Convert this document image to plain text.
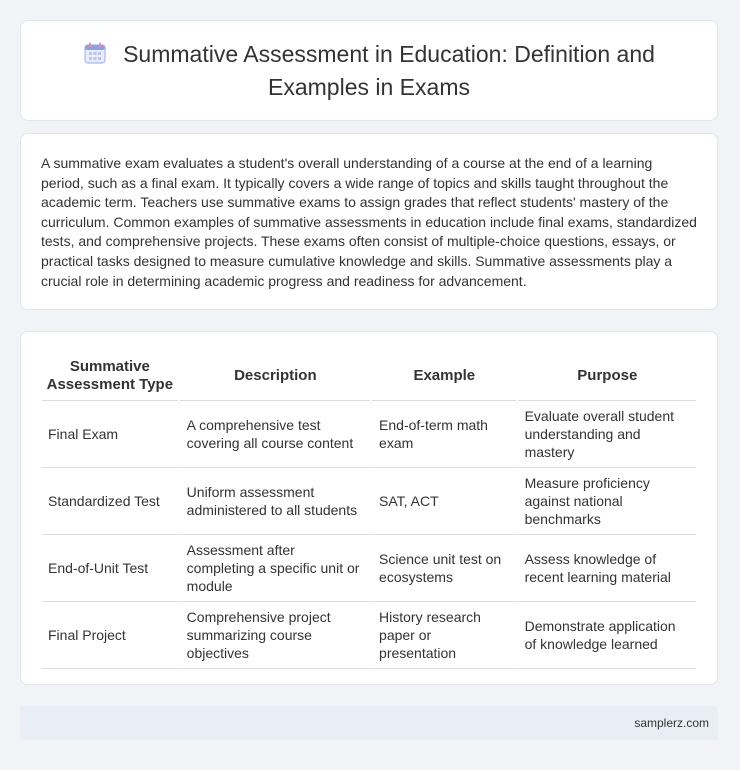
Summative Assessment in Education: Definition and Examples in Exams

A summative exam evaluates a student's overall understanding of a course at the end of a learning period, such as a final exam. It typically covers a wide range of topics and skills taught throughout the academic term. Teachers use summative exams to assign grades that reflect students' mastery of the curriculum. Common examples of summative assessments in education include final exams, standardized tests, and comprehensive projects. These exams often consist of multiple-choice questions, essays, or practical tasks designed to measure cumulative knowledge and skills. Summative assessments play a crucial role in determining academic progress and readiness for advancement.

Summative Assessment Type	Description	Example	Purpose
Final Exam	A comprehensive test covering all course content	End-of-term math exam	Evaluate overall student understanding and mastery
Standardized Test	Uniform assessment administered to all students	SAT, ACT	Measure proficiency against national benchmarks
End-of-Unit Test	Assessment after completing a specific unit or module	Science unit test on ecosystems	Assess knowledge of recent learning material
Final Project	Comprehensive project summarizing course objectives	History research paper or presentation	Demonstrate application of knowledge learned
samplerz.com
